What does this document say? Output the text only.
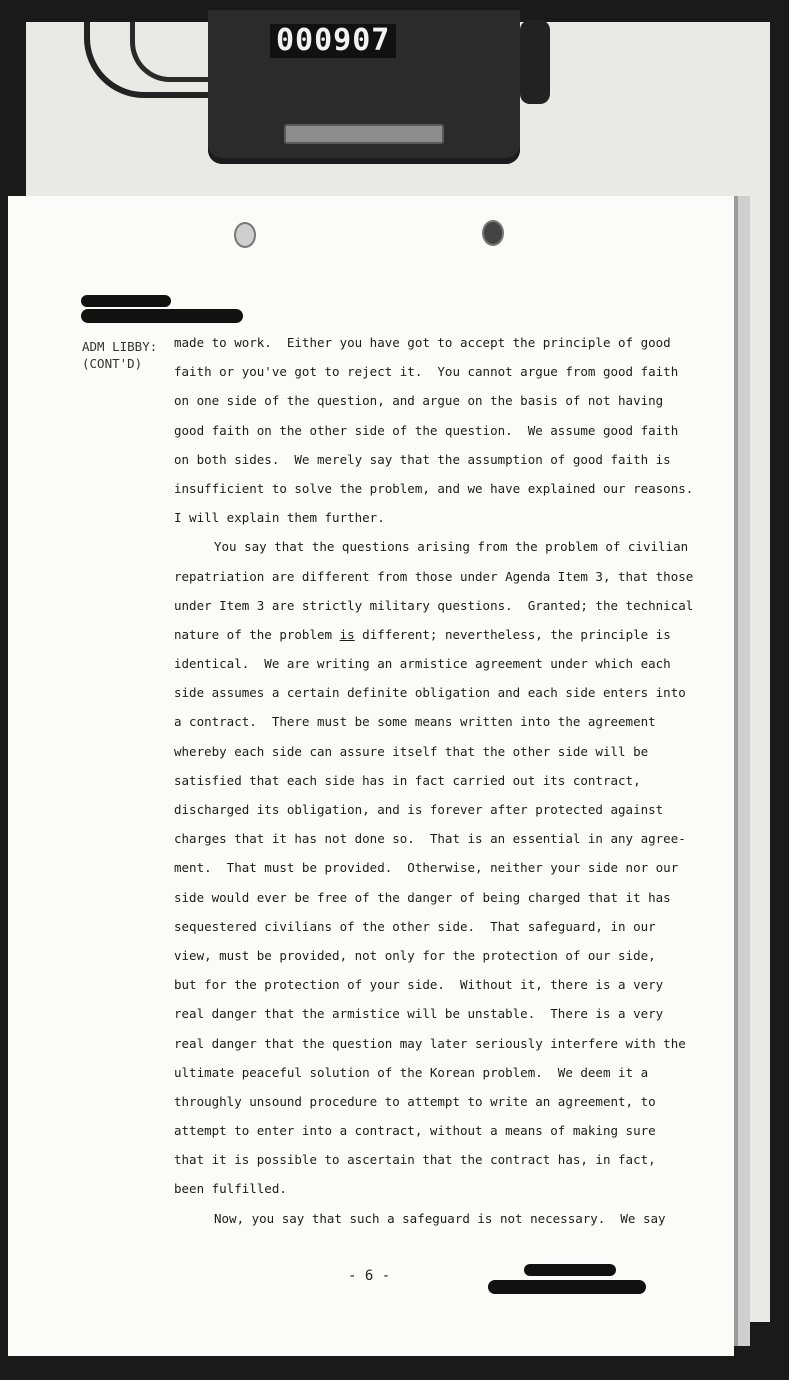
000907
ADM LIBBY:
(CONT'D)
made to work.  Either you have got to accept the principle of good
faith or you've got to reject it.  You cannot argue from good faith
on one side of the question, and argue on the basis of not having
good faith on the other side of the question.  We assume good faith
on both sides.  We merely say that the assumption of good faith is
insufficient to solve the problem, and we have explained our reasons.
I will explain them further.
You say that the questions arising from the problem of civilian
repatriation are different from those under Agenda Item 3, that those
under Item 3 are strictly military questions.  Granted; the technical
nature of the problem is different; nevertheless, the principle is
identical.  We are writing an armistice agreement under which each
side assumes a certain definite obligation and each side enters into
a contract.  There must be some means written into the agreement
whereby each side can assure itself that the other side will be
satisfied that each side has in fact carried out its contract,
discharged its obligation, and is forever after protected against
charges that it has not done so.  That is an essential in any agree-
ment.  That must be provided.  Otherwise, neither your side nor our
side would ever be free of the danger of being charged that it has
sequestered civilians of the other side.  That safeguard, in our
view, must be provided, not only for the protection of our side,
but for the protection of your side.  Without it, there is a very
real danger that the armistice will be unstable.  There is a very
real danger that the question may later seriously interfere with the
ultimate peaceful solution of the Korean problem.  We deem it a
throughly unsound procedure to attempt to write an agreement, to
attempt to enter into a contract, without a means of making sure
that it is possible to ascertain that the contract has, in fact,
been fulfilled.
Now, you say that such a safeguard is not necessary.  We say
- 6 -
